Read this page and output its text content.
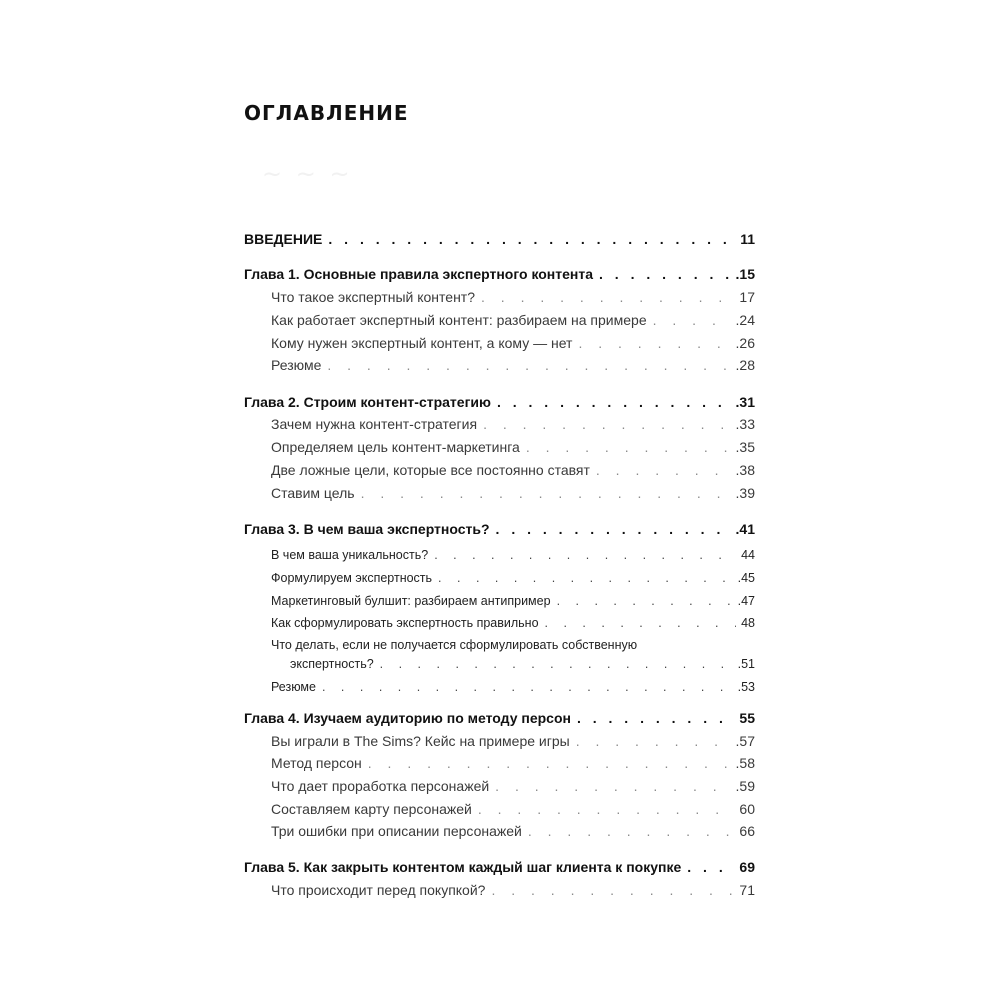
ОГЛАВЛЕНИЕ
~ ~ ~
ВВЕДЕНИЕ . . .	11
Глава 1. Основные правила экспертного контента . . .	.15
Что такое экспертный контент? . . .	17
Как работает экспертный контент: разбираем на примере . . .	.24
Кому нужен экспертный контент, а кому — нет . . .	.26
Резюме . . .	.28
Глава 2. Строим контент-стратегию . . .	.31
Зачем нужна контент-стратегия . . .	.33
Определяем цель контент-маркетинга . . .	.35
Две ложные цели, которые все постоянно ставят . . .	.38
Ставим цель . . .	.39
Глава 3. В чем ваша экспертность? . . .	.41
В чем ваша уникальность? . . .	44
Формулируем экспертность . . .	.45
Маркетинговый булшит: разбираем антипример . . .	.47
Как сформулировать экспертность правильно . . .	48
Что делать, если не получается сформулировать собственную
экспертность? . . .	.51
Резюме . . .	.53
Глава 4. Изучаем аудиторию по методу персон . . .	55
Вы играли в The Sims? Кейс на примере игры . . .	.57
Метод персон . . .	.58
Что дает проработка персонажей . . .	.59
Составляем карту персонажей . . .	60
Три ошибки при описании персонажей . . .	66
Глава 5. Как закрыть контентом каждый шаг клиента к покупке . . .	69
Что происходит перед покупкой? . . .	71
